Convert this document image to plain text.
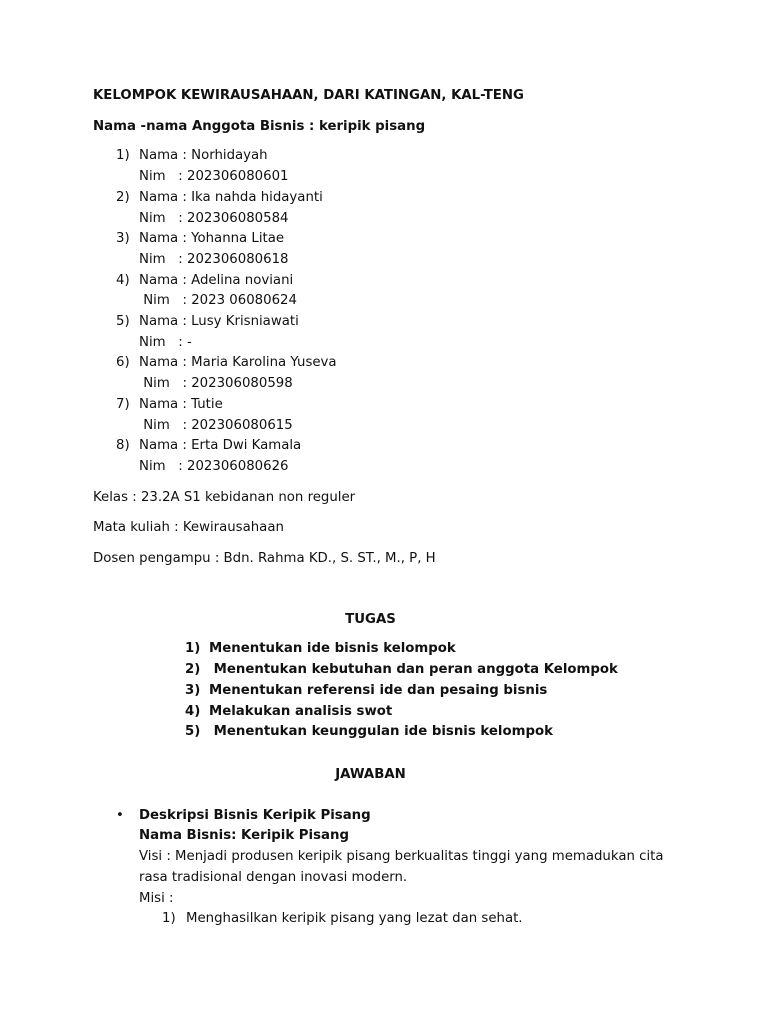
KELOMPOK KEWIRAUSAHAAN, DARI KATINGAN, KAL-TENG

Nama -nama Anggota Bisnis : keripik pisang

1) Nama : Norhidayah
Nim   : 202306080601
2) Nama : Ika nahda hidayanti
Nim   : 202306080584
3) Nama : Yohanna Litae
Nim   : 202306080618
4) Nama : Adelina noviani
Nim   : 2023 06080624
5) Nama : Lusy Krisniawati
Nim   : -
6) Nama : Maria Karolina Yuseva
Nim   : 202306080598
7) Nama : Tutie
Nim   : 202306080615
8) Nama : Erta Dwi Kamala
Nim   : 202306080626

Kelas : 23.2A S1 kebidanan non reguler

Mata kuliah : Kewirausahaan

Dosen pengampu : Bdn. Rahma KD., S. ST., M., P, H

TUGAS

1) Menentukan ide bisnis kelompok
2) Menentukan kebutuhan dan peran anggota Kelompok
3) Menentukan referensi ide dan pesaing bisnis
4) Melakukan analisis swot
5) Menentukan keunggulan ide bisnis kelompok

JAWABAN

• Deskripsi Bisnis Keripik Pisang
Nama Bisnis: Keripik Pisang
Visi : Menjadi produsen keripik pisang berkualitas tinggi yang memadukan cita rasa tradisional dengan inovasi modern.
Misi :
1) Menghasilkan keripik pisang yang lezat dan sehat.
